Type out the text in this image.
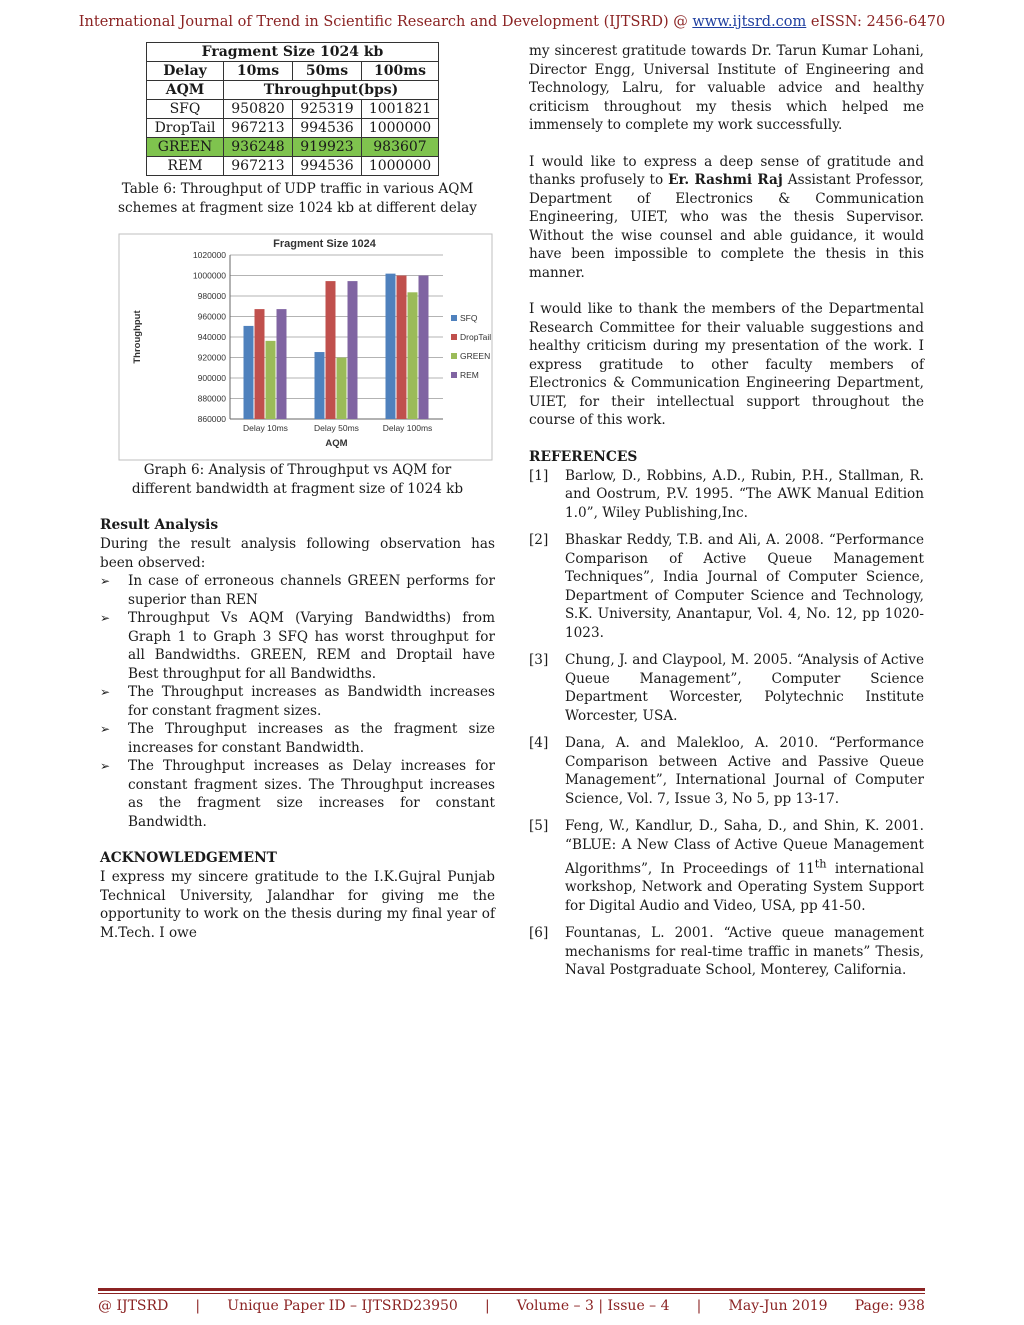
International Journal of Trend in Scientific Research and Development (IJTSRD) @ www.ijtsrd.com eISSN: 2456-6470
Fragment Size 1024 kb			
Delay	10ms	50ms	100ms
AQM	Throughput(bps)		
SFQ	950820	925319	1001821
DropTail	967213	994536	1000000
GREEN	936248	919923	983607
REM	967213	994536	1000000

Table 6: Throughput of UDP traffic in various AQM schemes at fragment size 1024 kb at different delay

Fragment Size 1024
1020000
1000000
980000
960000
940000
920000
900000
880000
860000
Throughput
Delay 10ms	Delay 50ms	Delay 100ms
AQM
SFQ
DropTail
GREEN
REM

Graph 6: Analysis of Throughput vs AQM for different bandwidth at fragment size of 1024 kb

Result Analysis

During the result analysis following observation has been observed:

➢ In case of erroneous channels GREEN performs for superior than REN
➢ Throughput Vs AQM (Varying Bandwidths) from Graph 1 to Graph 3 SFQ has worst throughput for all Bandwidths. GREEN, REM and Droptail have Best throughput for all Bandwidths.
➢ The Throughput increases as Bandwidth increases for constant fragment sizes.
➢ The Throughput increases as the fragment size increases for constant Bandwidth.
➢ The Throughput increases as Delay increases for constant fragment sizes. The Throughput increases as the fragment size increases for constant Bandwidth.

ACKNOWLEDGEMENT

I express my sincere gratitude to the I.K.Gujral Punjab Technical University, Jalandhar for giving me the opportunity to work on the thesis during my final year of M.Tech. I owe

my sincerest gratitude towards Dr. Tarun Kumar Lohani, Director Engg, Universal Institute of Engineering and Technology, Lalru, for valuable advice and healthy criticism throughout my thesis which helped me immensely to complete my work successfully.

I would like to express a deep sense of gratitude and thanks profusely to Er. Rashmi Raj Assistant Professor, Department of Electronics & Communication Engineering, UIET, who was the thesis Supervisor. Without the wise counsel and able guidance, it would have been impossible to complete the thesis in this manner.

I would like to thank the members of the Departmental Research Committee for their valuable suggestions and healthy criticism during my presentation of the work. I express gratitude to other faculty members of Electronics & Communication Engineering Department, UIET, for their intellectual support throughout the course of this work.

REFERENCES

[1] Barlow, D., Robbins, A.D., Rubin, P.H., Stallman, R. and Oostrum, P.V. 1995. “The AWK Manual Edition 1.0”, Wiley Publishing,Inc.
[2] Bhaskar Reddy, T.B. and Ali, A. 2008. “Performance Comparison of Active Queue Management Techniques”, India Journal of Computer Science, Department of Computer Science and Technology, S.K. University, Anantapur, Vol. 4, No. 12, pp 1020-1023.
[3] Chung, J. and Claypool, M. 2005. “Analysis of Active Queue Management”, Computer Science Department Worcester, Polytechnic Institute Worcester, USA.
[4] Dana, A. and Malekloo, A. 2010. “Performance Comparison between Active and Passive Queue Management”, International Journal of Computer Science, Vol. 7, Issue 3, No 5, pp 13-17.
[5] Feng, W., Kandlur, D., Saha, D., and Shin, K. 2001. “BLUE: A New Class of Active Queue Management Algorithms”, In Proceedings of 11th international workshop, Network and Operating System Support for Digital Audio and Video, USA, pp 41-50.
[6] Fountanas, L. 2001. “Active queue management mechanisms for real-time traffic in manets” Thesis, Naval Postgraduate School, Monterey, California.
@ IJTSRD | Unique Paper ID – IJTSRD23950 | Volume – 3 | Issue – 4 | May-Jun 2019 Page: 938
